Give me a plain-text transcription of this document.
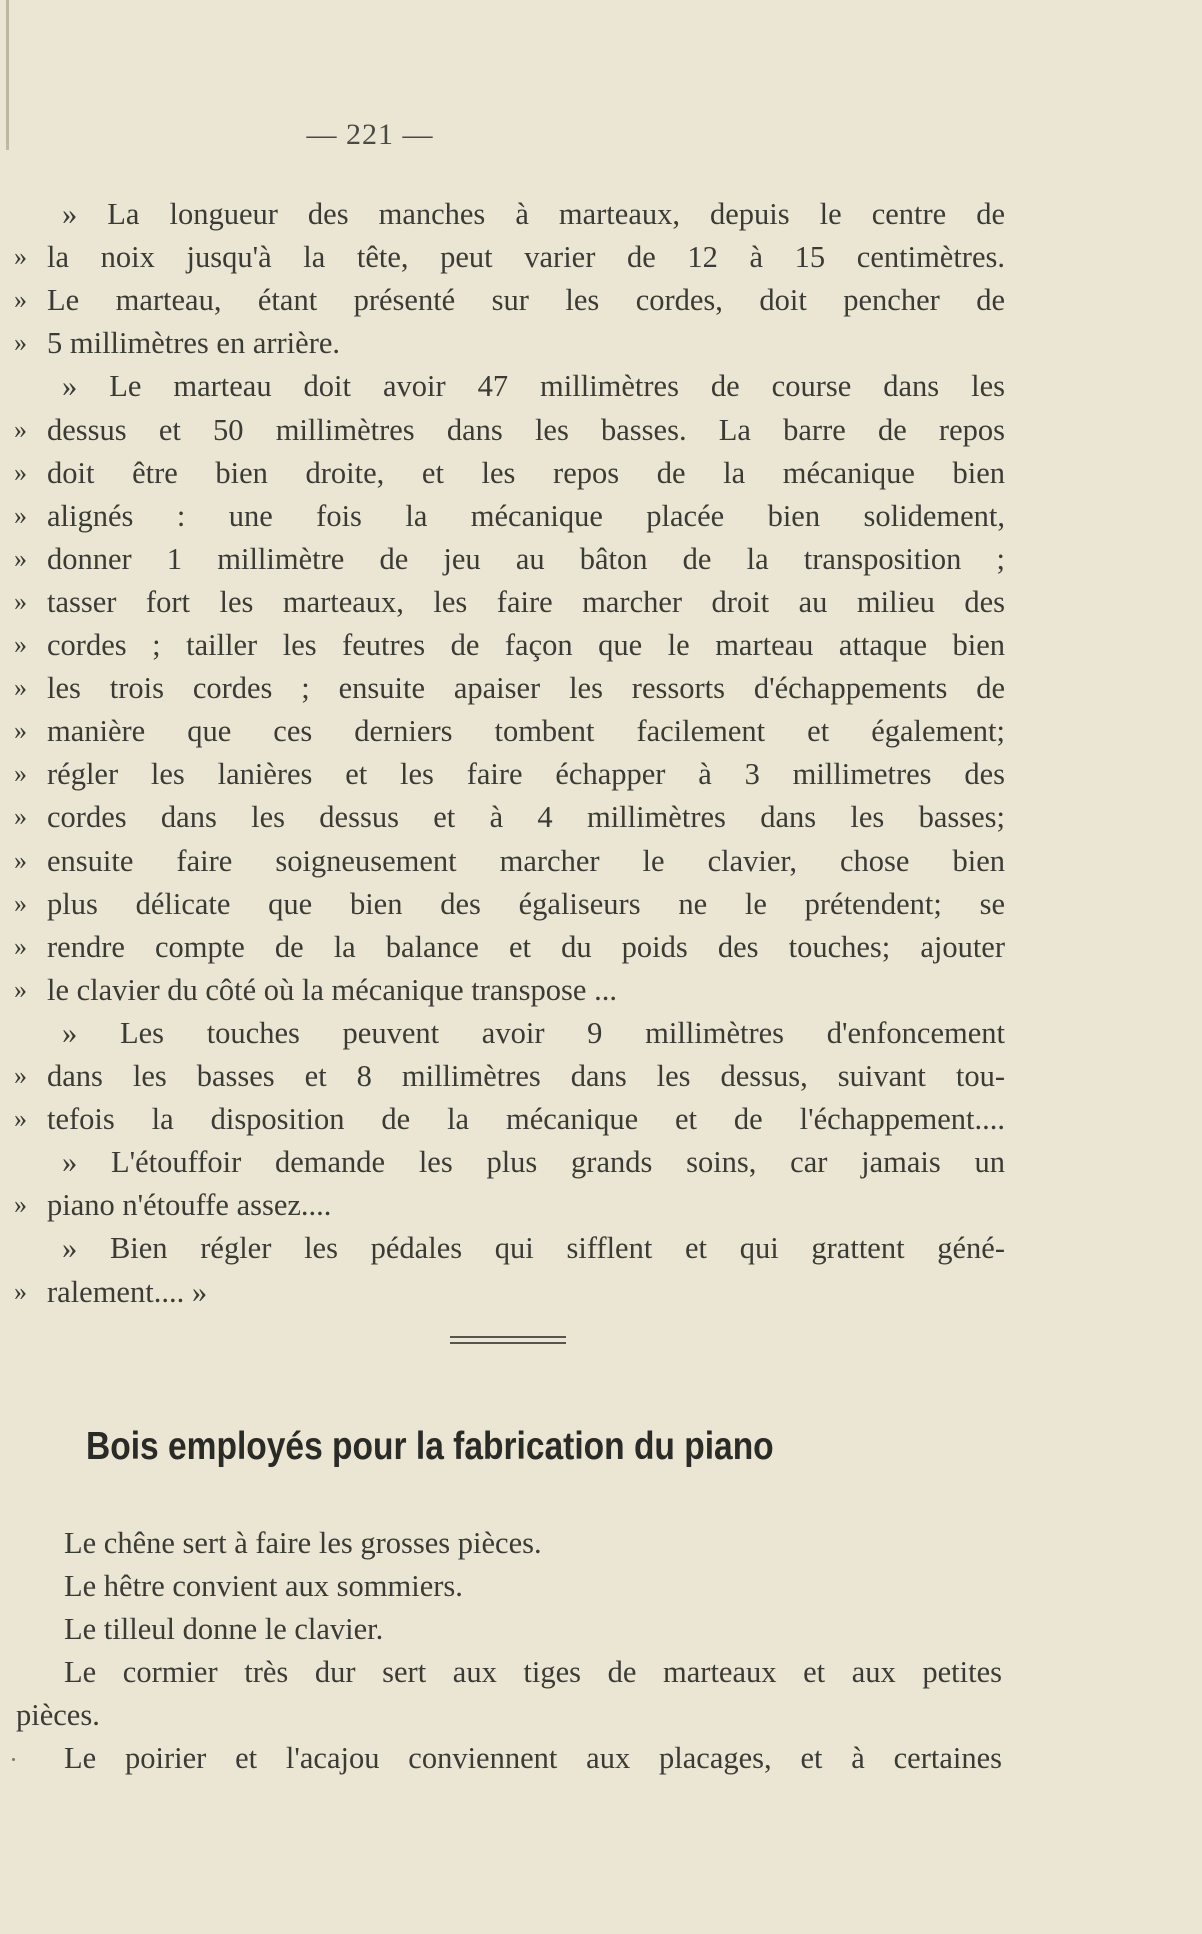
— 221 —
» La longueur des manches à marteaux, depuis le centre de
» la noix jusqu'à la tête, peut varier de 12 à 15 centimètres.
» Le marteau, étant présenté sur les cordes, doit pencher de
» 5 millimètres en arrière.
» Le marteau doit avoir 47 millimètres de course dans les
» dessus et 50 millimètres dans les basses. La barre de repos
» doit être bien droite, et les repos de la mécanique bien
» alignés : une fois la mécanique placée bien solidement,
» donner 1 millimètre de jeu au bâton de la transposition ;
» tasser fort les marteaux, les faire marcher droit au milieu des
» cordes ; tailler les feutres de façon que le marteau attaque bien
» les trois cordes ; ensuite apaiser les ressorts d'échappements de
» manière que ces derniers tombent facilement et également;
» régler les lanières et les faire échapper à 3 millimetres des
» cordes dans les dessus et à 4 millimètres dans les basses;
» ensuite faire soigneusement marcher le clavier, chose bien
» plus délicate que bien des égaliseurs ne le prétendent; se
» rendre compte de la balance et du poids des touches; ajouter
» le clavier du côté où la mécanique transpose ...
» Les touches peuvent avoir 9 millimètres d'enfoncement
» dans les basses et 8 millimètres dans les dessus, suivant tou-
» tefois la disposition de la mécanique et de l'échappement....
» L'étouffoir demande les plus grands soins, car jamais un
» piano n'étouffe assez....
» Bien régler les pédales qui sifflent et qui grattent géné-
» ralement.... »
Bois employés pour la fabrication du piano
Le chêne sert à faire les grosses pièces.
Le hêtre convient aux sommiers.
Le tilleul donne le clavier.
Le cormier très dur sert aux tiges de marteaux et aux petites
pièces.
Le poirier et l'acajou conviennent aux placages, et à certaines
